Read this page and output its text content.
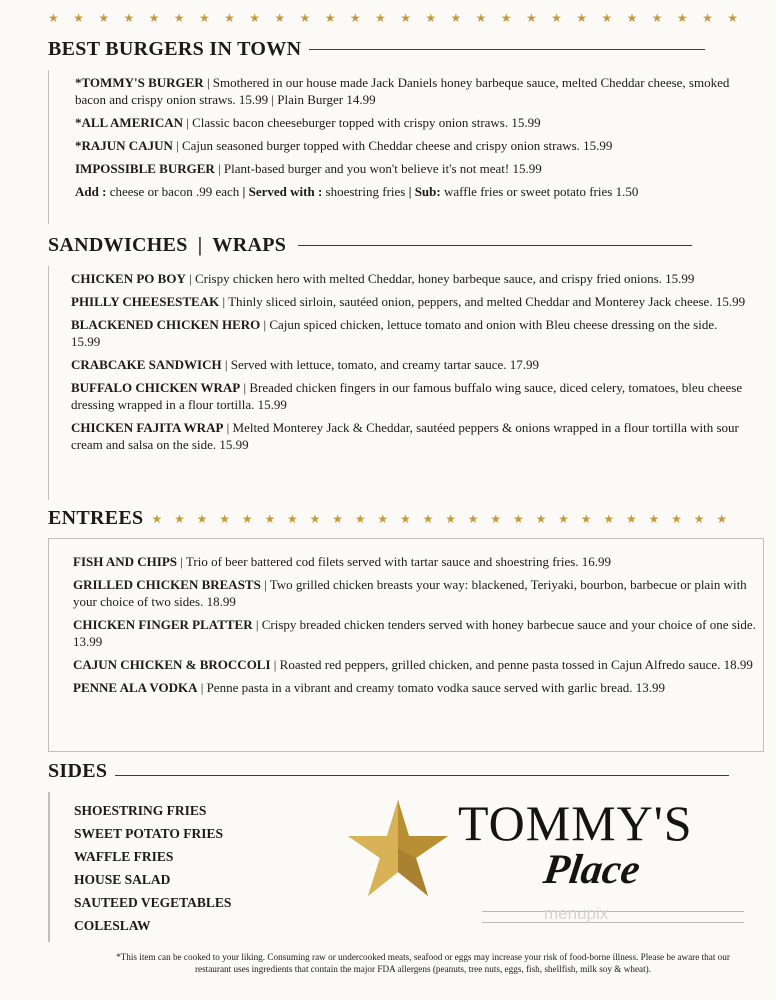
★ ★ ★ ★ ★ ★ ★ ★ ★ ★ ★ ★ ★ ★ ★ ★ ★ ★ ★ ★ ★ ★ ★ ★ ★ ★ ★ ★
BEST BURGERS IN TOWN
*TOMMY'S BURGER | Smothered in our house made Jack Daniels honey barbeque sauce, melted Cheddar cheese, smoked bacon and crispy onion straws. 15.99 | Plain Burger 14.99
*ALL AMERICAN | Classic bacon cheeseburger topped with crispy onion straws. 15.99
*RAJUN CAJUN | Cajun seasoned burger topped with Cheddar cheese and crispy onion straws. 15.99
IMPOSSIBLE BURGER | Plant-based burger and you won't believe it's not meat! 15.99
Add : cheese or bacon .99 each | Served with : shoestring fries | Sub: waffle fries or sweet potato fries 1.50
SANDWICHES | WRAPS
CHICKEN PO BOY | Crispy chicken hero with melted Cheddar, honey barbeque sauce, and crispy fried onions. 15.99
PHILLY CHEESESTEAK | Thinly sliced sirloin, sautéed onion, peppers, and melted Cheddar and Monterey Jack cheese. 15.99
BLACKENED CHICKEN HERO | Cajun spiced chicken, lettuce tomato and onion with Bleu cheese dressing on the side. 15.99
CRABCAKE SANDWICH | Served with lettuce, tomato, and creamy tartar sauce. 17.99
BUFFALO CHICKEN WRAP | Breaded chicken fingers in our famous buffalo wing sauce, diced celery, tomatoes, bleu cheese dressing wrapped in a flour tortilla. 15.99
CHICKEN FAJITA WRAP | Melted Monterey Jack & Cheddar, sautéed peppers & onions wrapped in a flour tortilla with sour cream and salsa on the side. 15.99
ENTREES ★ ★ ★ ★ ★ ★ ★ ★ ★ ★ ★ ★ ★ ★ ★ ★ ★ ★ ★ ★ ★ ★ ★ ★ ★ ★
FISH AND CHIPS | Trio of beer battered cod filets served with tartar sauce and shoestring fries. 16.99
GRILLED CHICKEN BREASTS | Two grilled chicken breasts your way: blackened, Teriyaki, bourbon, barbecue or plain with your choice of two sides. 18.99
CHICKEN FINGER PLATTER | Crispy breaded chicken tenders served with honey barbecue sauce and your choice of one side. 13.99
CAJUN CHICKEN & BROCCOLI | Roasted red peppers, grilled chicken, and penne pasta tossed in Cajun Alfredo sauce. 18.99
PENNE ALA VODKA | Penne pasta in a vibrant and creamy tomato vodka sauce served with garlic bread. 13.99
SIDES
SHOESTRING FRIES
SWEET POTATO FRIES
WAFFLE FRIES
HOUSE SALAD
SAUTEED VEGETABLES
COLESLAW
TOMMY'S
Place
menupix
*This item can be cooked to your liking. Consuming raw or undercooked meats, seafood or eggs may increase your risk of food-borne illness. Please be aware that our restaurant uses ingredients that contain the major FDA allergens (peanuts, tree nuts, eggs, fish, shellfish, milk soy & wheat).
